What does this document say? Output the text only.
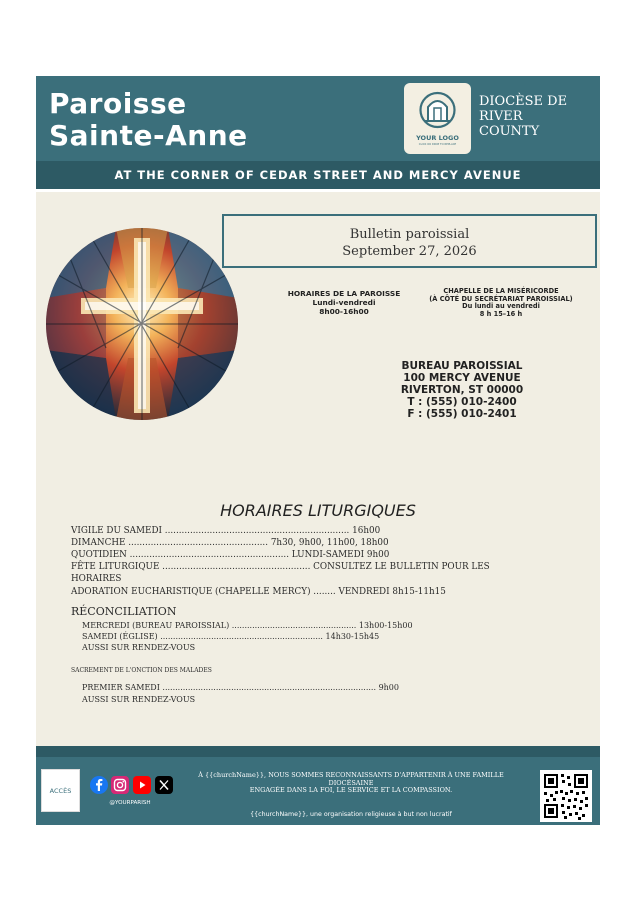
Paroisse
Sainte-Anne	YOUR LOGO
CLICK OR DROP TO REPLACE
DIOCÈSE DE
RIVER
COUNTY
AT THE CORNER OF CEDAR STREET AND MERCY AVENUE
Bulletin paroissial
September 27, 2026
HORAIRES DE LA PAROISSE
Lundi-vendredi
8h00-16h00
CHAPELLE DE LA MISÉRICORDE
(À CÔTÉ DU SECRÉTARIAT PAROISSIAL)
Du lundi au vendredi
8 h 15–16 h
BUREAU PAROISSIAL
100 MERCY AVENUE
RIVERTON, ST 00000
T : (555) 010-2400
F : (555) 010-2401
HORAIRES LITURGIQUES
VIGILE DU SAMEDI .................................................................. 16h00
DIMANCHE .................................................. 7h30, 9h00, 11h00, 18h00
QUOTIDIEN ......................................................... LUNDI-SAMEDI 9h00
FÊTE LITURGIQUE ..................................................... CONSULTEZ LE BULLETIN POUR LES
HORAIRES
ADORATION EUCHARISTIQUE (CHAPELLE MERCY) ........ VENDREDI 8h15-11h15
RÉCONCILIATION
MERCREDI (BUREAU PAROISSIAL) ................................................. 13h00-15h00
SAMEDI (ÉGLISE) ................................................................ 14h30-15h45
AUSSI SUR RENDEZ-VOUS
SACREMENT DE L'ONCTION DES MALADES
PREMIER SAMEDI .................................................................................... 9h00
AUSSI SUR RENDEZ-VOUS
ACCÈS
@YOURPARISH
À {{churchName}}, NOUS SOMMES RECONNAISSANTS D'APPARTENIR À UNE FAMILLE
DIOCÉSAINE
ENGAGÉE DANS LA FOI, LE SERVICE ET LA COMPASSION.
{{churchName}}, une organisation religieuse à but non lucratif
